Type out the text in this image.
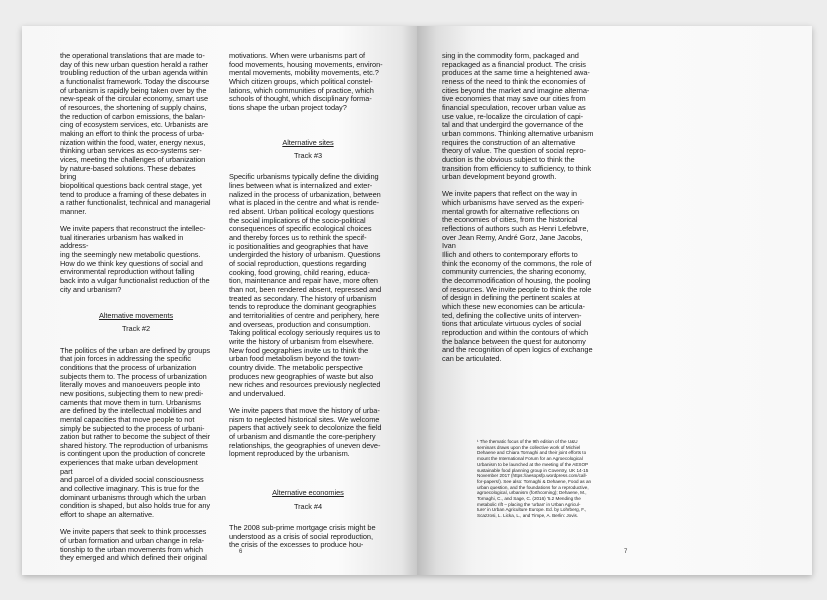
the operational translations that are made to-
day of this new urban question herald a rather
troubling reduction of the urban agenda within
a functionalist framework. Today the discourse
of urbanism is rapidly being taken over by the
new-speak of the circular economy, smart use
of resources, the shortening of supply chains,
the reduction of carbon emissions, the balan-
cing of ecosystem services, etc. Urbanists are
making an effort to think the process of urba-
nization within the food, water, energy nexus,
thinking urban services as eco-systems ser-
vices, meeting the challenges of urbanization
by nature-based solutions. These debates bring
biopolitical questions back central stage, yet
tend to produce a framing of these debates in
a rather functionalist, technical and managerial
manner.

We invite papers that reconstruct the intellec-
tual itineraries urbanism has walked in address-
ing the seemingly new metabolic questions.
How do we think key questions of social and
environmental reproduction without falling
back into a vulgar functionalist reduction of the
city and urbanism?

Alternative movements

Track #2

The politics of the urban are defined by groups
that join forces in addressing the specific
conditions that the process of urbanization
subjects them to. The process of urbanization
literally moves and manoeuvers people into
new positions, subjecting them to new predi-
caments that move them in turn. Urbanisms
are defined by the intellectual mobilities and
mental capacities that move people to not
simply be subjected to the process of urbani-
zation but rather to become the subject of their
shared history. The reproduction of urbanisms
is contingent upon the production of concrete
experiences that make urban development part
and parcel of a divided social consciousness
and collective imaginary. This is true for the
dominant urbanisms through which the urban
condition is shaped, but also holds true for any
effort to shape an alternative.

We invite papers that seek to think processes
of urban formation and urban change in rela-
tionship to the urban movements from which
they emerged and which defined their original

motivations. When were urbanisms part of
food movements, housing movements, environ-
mental movements, mobility movements, etc.?
Which citizen groups, which political constel-
lations, which communities of practice, which
schools of thought, which disciplinary forma-
tions shape the urban project today?

Alternative sites

Track #3

Specific urbanisms typically define the dividing
lines between what is internalized and exter-
nalized in the process of urbanization, between
what is placed in the centre and what is rende-
red absent. Urban political ecology questions
the social implications of the socio-political
consequences of specific ecological choices
and thereby forces us to rethink the specif-
ic positionalities and geographies that have
undergirded the history of urbanism. Questions
of social reproduction, questions regarding
cooking, food growing, child rearing, educa-
tion, maintenance and repair have, more often
than not, been rendered absent, repressed and
treated as secondary. The history of urbanism
tends to reproduce the dominant geographies
and territorialities of centre and periphery, here
and overseas, production and consumption.
Taking political ecology seriously requires us to
write the history of urbanism from elsewhere.
New food geographies invite us to think the
urban food metabolism beyond the town-
country divide. The metabolic perspective
produces new geographies of waste but also
new riches and resources previously neglected
and undervalued.

We invite papers that move the history of urba-
nism to neglected historical sites. We welcome
papers that actively seek to decolonize the field
of urbanism and dismantle the core-periphery
relationships, the geographies of uneven deve-
lopment reproduced by the urbanism.

Alternative economies

Track #4

The 2008 sub-prime mortgage crisis might be
understood as a crisis of social reproduction,
the crisis of the excesses to produce hou-

6

sing in the commodity form, packaged and
repackaged as a financial product. The crisis
produces at the same time a heightened awa-
reness of the need to think the economies of
cities beyond the market and imagine alterna-
tive economies that may save our cities from
financial speculation, recover urban value as
use value, re-localize the circulation of capi-
tal and that undergird the governance of the
urban commons. Thinking alternative urbanism
requires the construction of an alternative
theory of value. The question of social repro-
duction is the obvious subject to think the
transition from efficiency to sufficiency, to think
urban development beyond growth.

We invite papers that reflect on the way in
which urbanisms have served as the experi-
mental growth for alternative reflections on
the economies of cities, from the historical
reflections of authors such as Henri Lefebvre,
over Jean Remy, André Gorz, Jane Jacobs, Ivan
Illich and others to contemporary efforts to
think the economy of the commons, the role of
community currencies, the sharing economy,
the decommodification of housing, the pooling
of resources. We invite people to think the role
of design in defining the pertinent scales at
which these new economies can be articula-
ted, defining the collective units of interven-
tions that articulate virtuous cycles of social
reproduction and within the contours of which
the balance between the quest for autonomy
and the recognition of open logics of exchange
can be articulated.

¹ The thematic focus of the 9th edition of the U&U
seminars draws upon the collective work of Michiel
Dehaene and Chiara Tornaghi and their joint efforts to
mount the International Forum for an Agroecological
Urbanism to be launched at the meeting of the AESOP
sustainable food planning group in Coventry, UK 14-15
November 2017 (https://aesopsfp.wordpress.com/call-
for-papers/). See also: Tornaghi & Dehaene, Food as an
urban question, and the foundations for a reproductive,
agroecological, urbanism (forthcoming); Dehaene, M.,
Tornaghi, C., and Sage, C. (2016) '5.2 Mending the
metabolic rift – placing the 'urban' in Urban Agricul-
ture' in Urban Agriculture Europe. Ed. by Lohrberg, F.,
Scazzosi, L. Licka, L., and Timpe, A. Berlin: Jovis.
7
